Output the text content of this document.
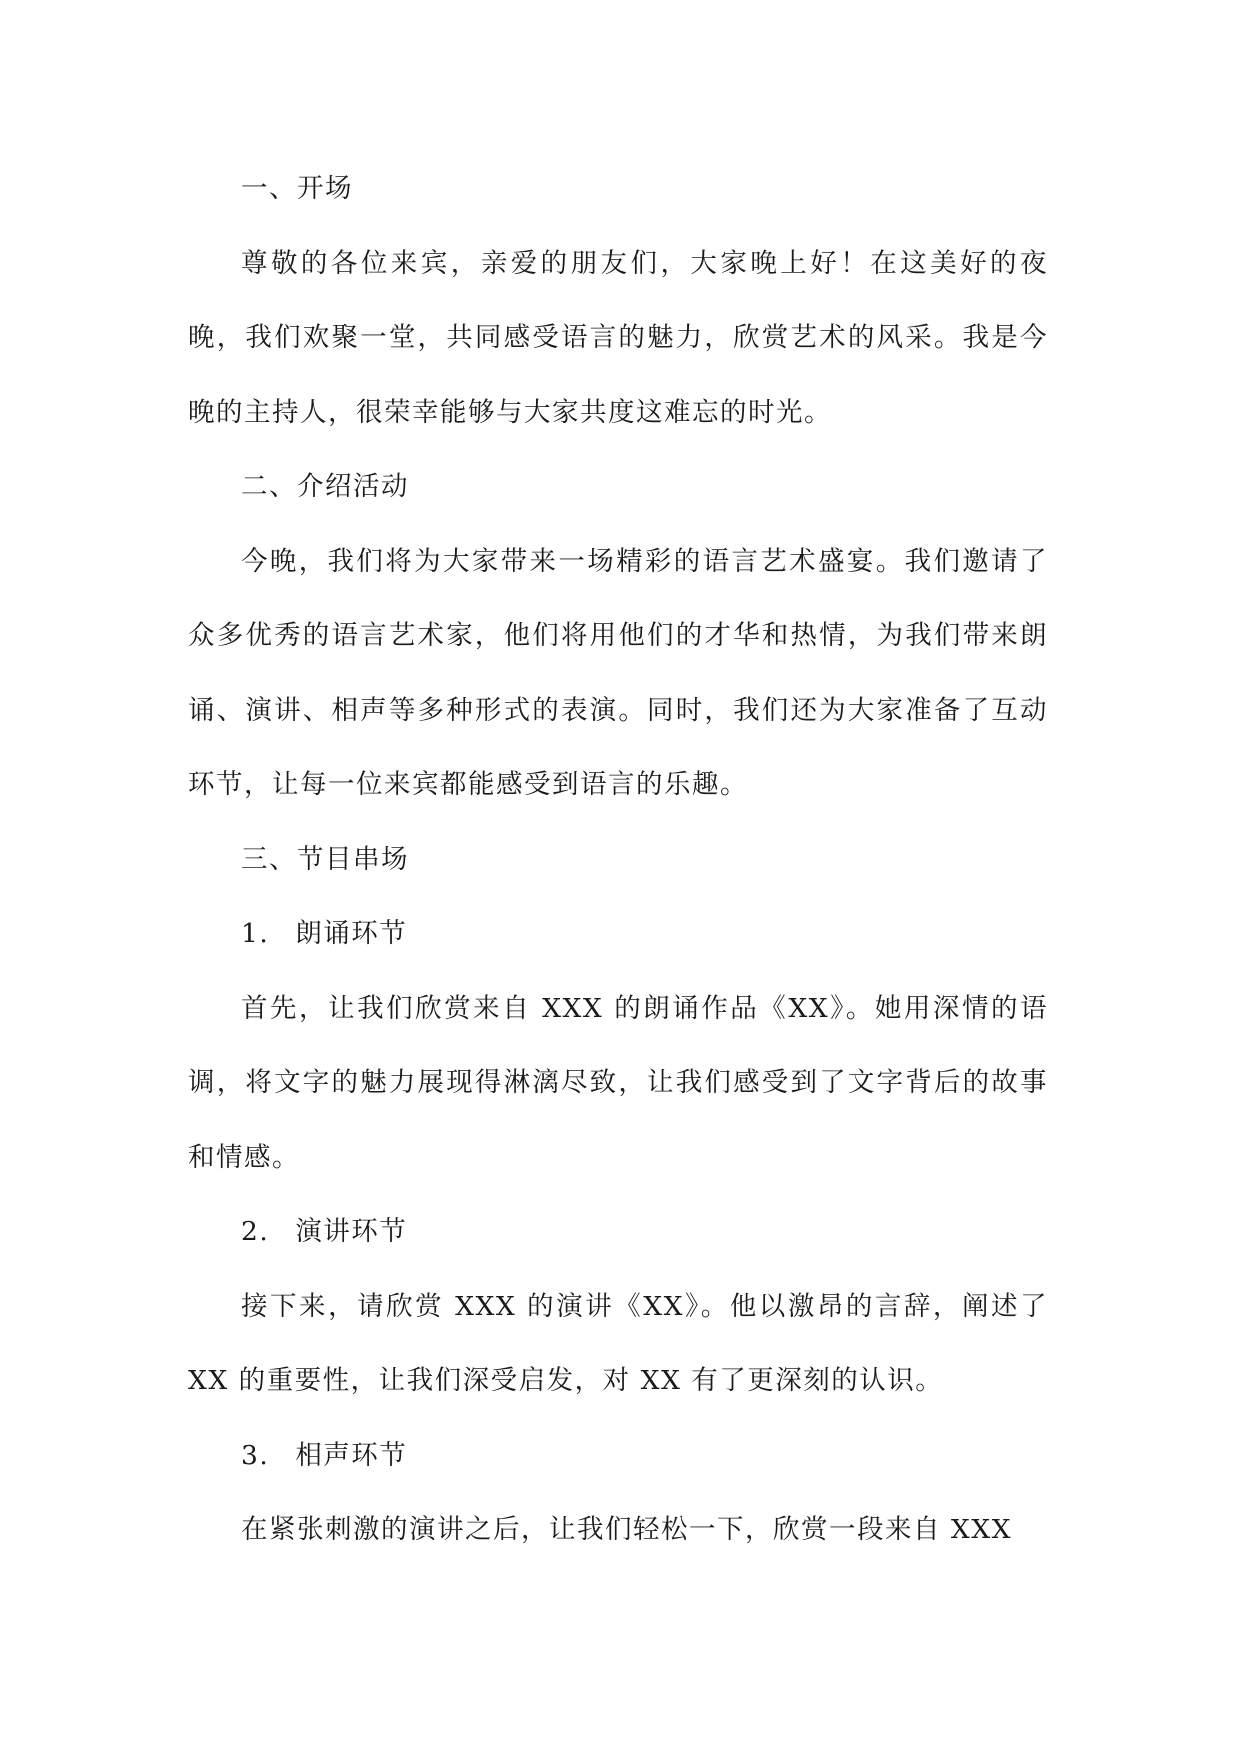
一、开场

尊敬的各位来宾，亲爱的朋友们，大家晚上好！在这美好的夜晚，我们欢聚一堂，共同感受语言的魅力，欣赏艺术的风采。我是今晚的主持人，很荣幸能够与大家共度这难忘的时光。

二、介绍活动

今晚，我们将为大家带来一场精彩的语言艺术盛宴。我们邀请了众多优秀的语言艺术家，他们将用他们的才华和热情，为我们带来朗诵、演讲、相声等多种形式的表演。同时，我们还为大家准备了互动环节，让每一位来宾都能感受到语言的乐趣。

三、节目串场

1. 朗诵环节

首先，让我们欣赏来自 XXX 的朗诵作品《XX》。她用深情的语调，将文字的魅力展现得淋漓尽致，让我们感受到了文字背后的故事和情感。

2. 演讲环节

接下来，请欣赏 XXX 的演讲《XX》。他以激昂的言辞，阐述了 XX 的重要性，让我们深受启发，对 XX 有了更深刻的认识。

3. 相声环节

在紧张刺激的演讲之后，让我们轻松一下，欣赏一段来自 XXX
